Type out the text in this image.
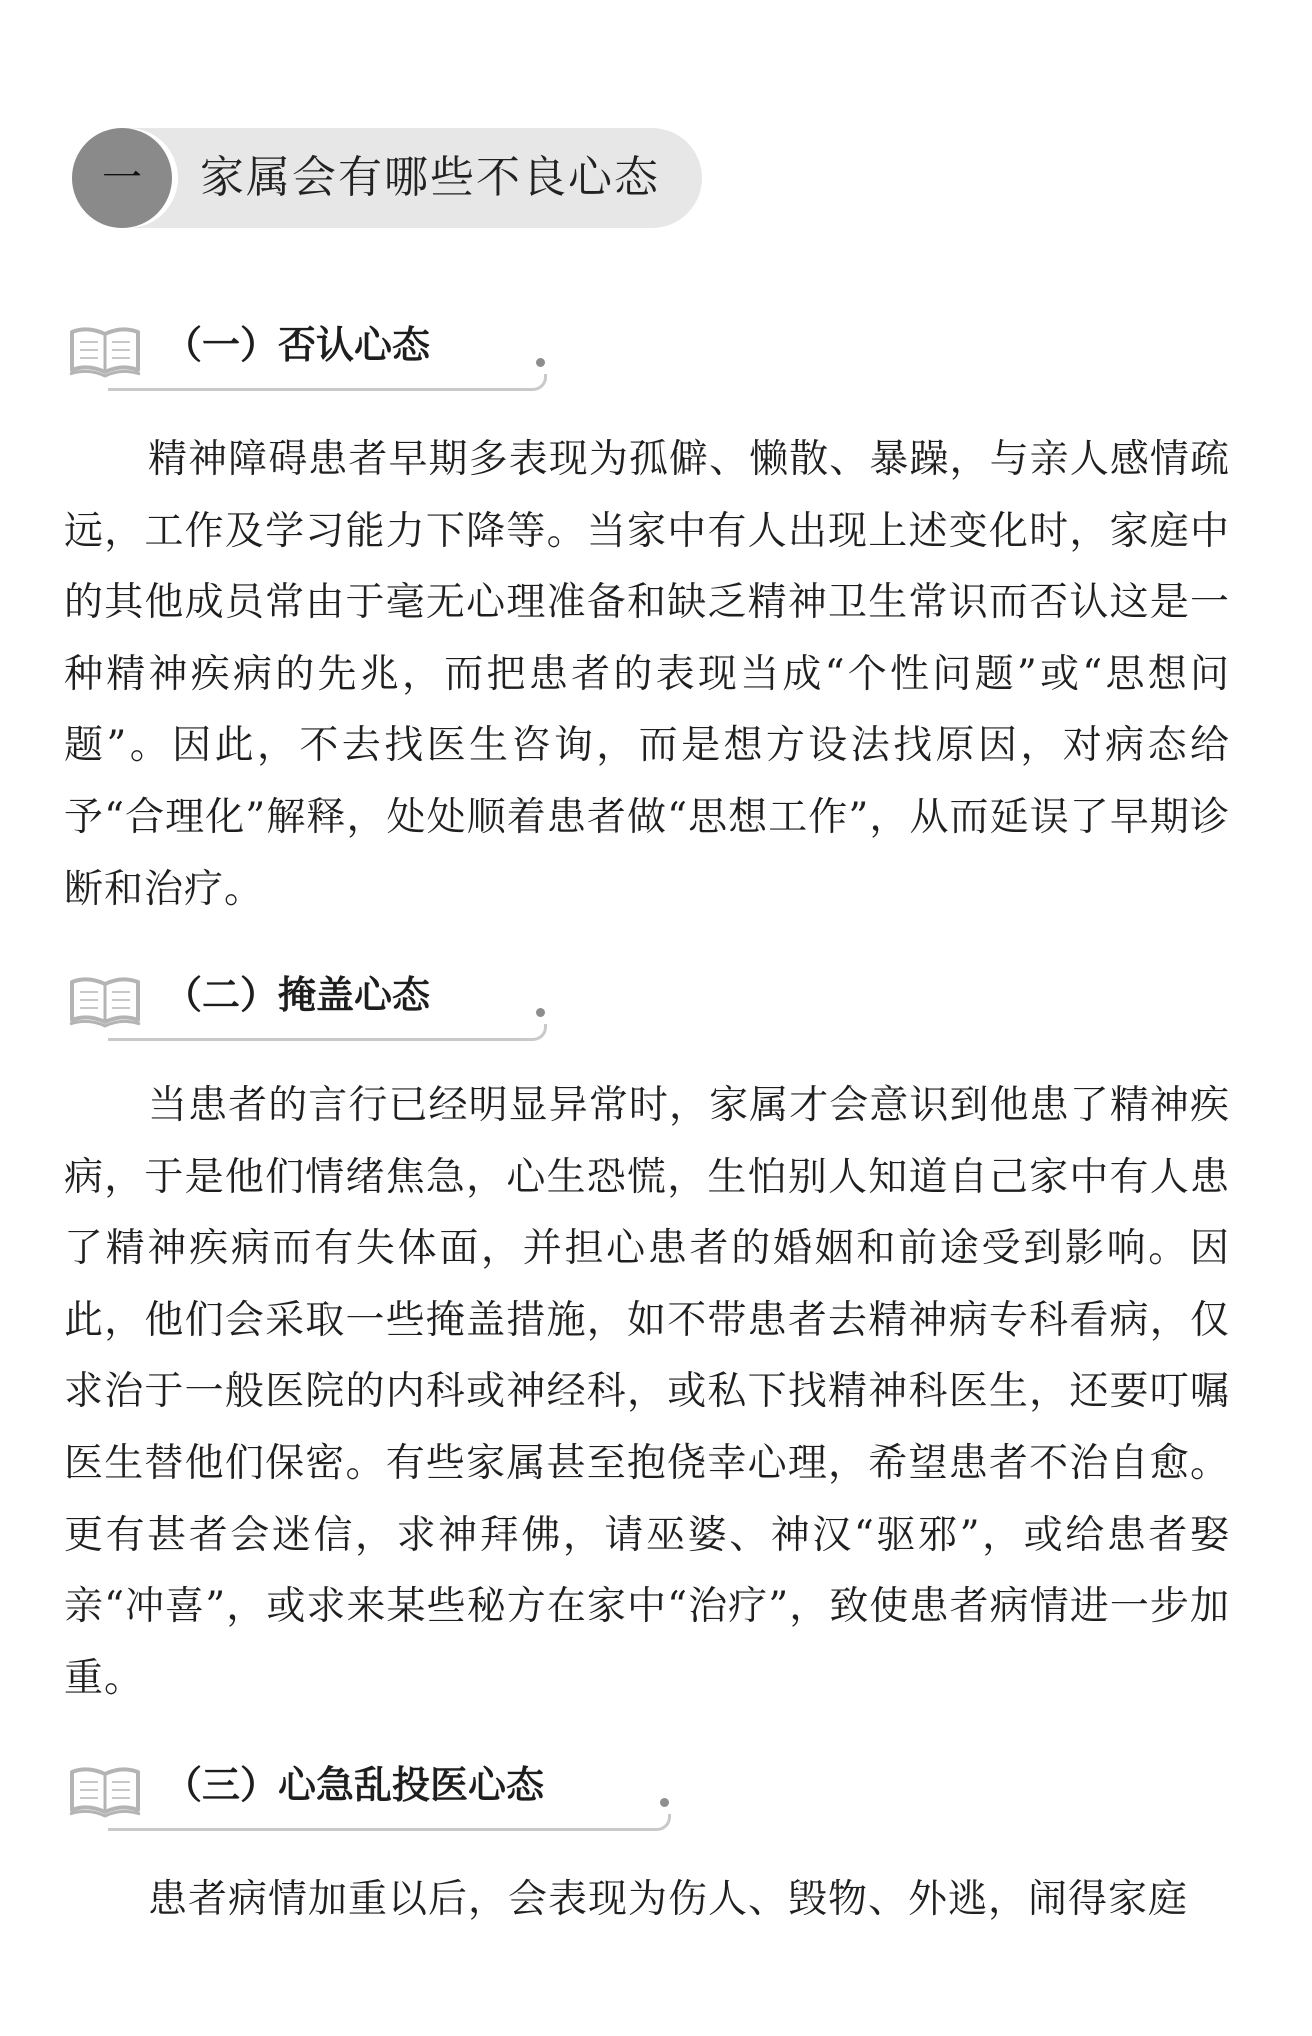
一	家属会有哪些不良心态
（一）否认心态

精神障碍患者早期多表现为孤僻、懒散、暴躁，与亲人感情疏远，工作及学习能力下降等。当家中有人出现上述变化时，家庭中的其他成员常由于毫无心理准备和缺乏精神卫生常识而否认这是一种精神疾病的先兆，而把患者的表现当成“个性问题”或“思想问题”。因此，不去找医生咨询，而是想方设法找原因，对病态给予“合理化”解释，处处顺着患者做“思想工作”，从而延误了早期诊断和治疗。

（二）掩盖心态

当患者的言行已经明显异常时，家属才会意识到他患了精神疾病，于是他们情绪焦急，心生恐慌，生怕别人知道自己家中有人患了精神疾病而有失体面，并担心患者的婚姻和前途受到影响。因此，他们会采取一些掩盖措施，如不带患者去精神病专科看病，仅求治于一般医院的内科或神经科，或私下找精神科医生，还要叮嘱医生替他们保密。有些家属甚至抱侥幸心理，希望患者不治自愈。更有甚者会迷信，求神拜佛，请巫婆、神汉“驱邪”，或给患者娶亲“冲喜”，或求来某些秘方在家中“治疗”，致使患者病情进一步加重。

（三）心急乱投医心态

患者病情加重以后，会表现为伤人、毁物、外逃，闹得家庭
